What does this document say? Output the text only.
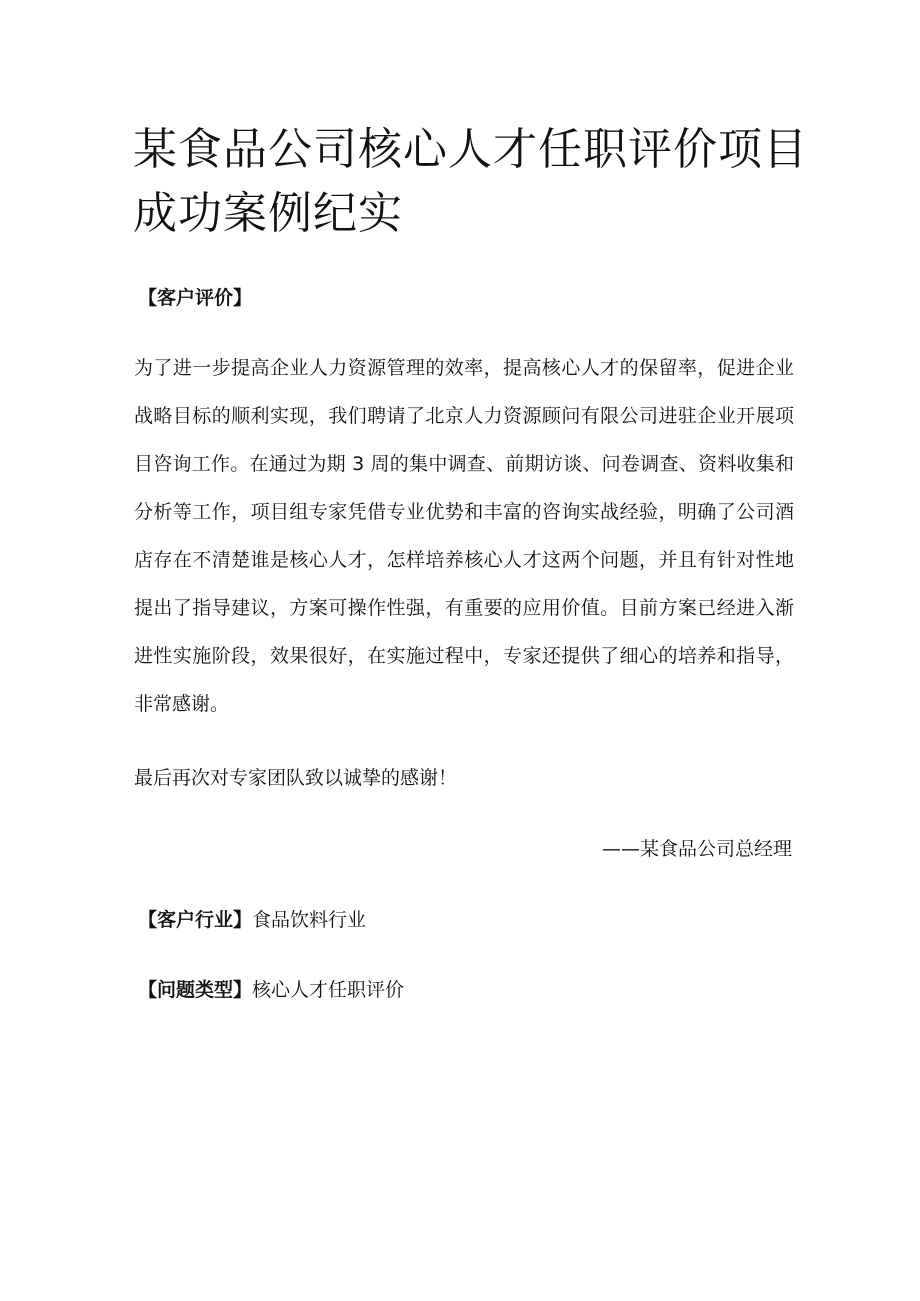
某食品公司核心人才任职评价项目
成功案例纪实
【客户评价】

为了进一步提高企业人力资源管理的效率，提高核心人才的保留率，促进企业战略目标的顺利实现，我们聘请了北京人力资源顾问有限公司进驻企业开展项目咨询工作。在通过为期 3 周的集中调查、前期访谈、问卷调查、资料收集和分析等工作，项目组专家凭借专业优势和丰富的咨询实战经验，明确了公司酒店存在不清楚谁是核心人才，怎样培养核心人才这两个问题，并且有针对性地提出了指导建议，方案可操作性强，有重要的应用价值。目前方案已经进入渐进性实施阶段，效果很好，在实施过程中，专家还提供了细心的培养和指导，非常感谢。

最后再次对专家团队致以诚挚的感谢！
——某食品公司总经理
【客户行业】食品饮料行业
【问题类型】核心人才任职评价
